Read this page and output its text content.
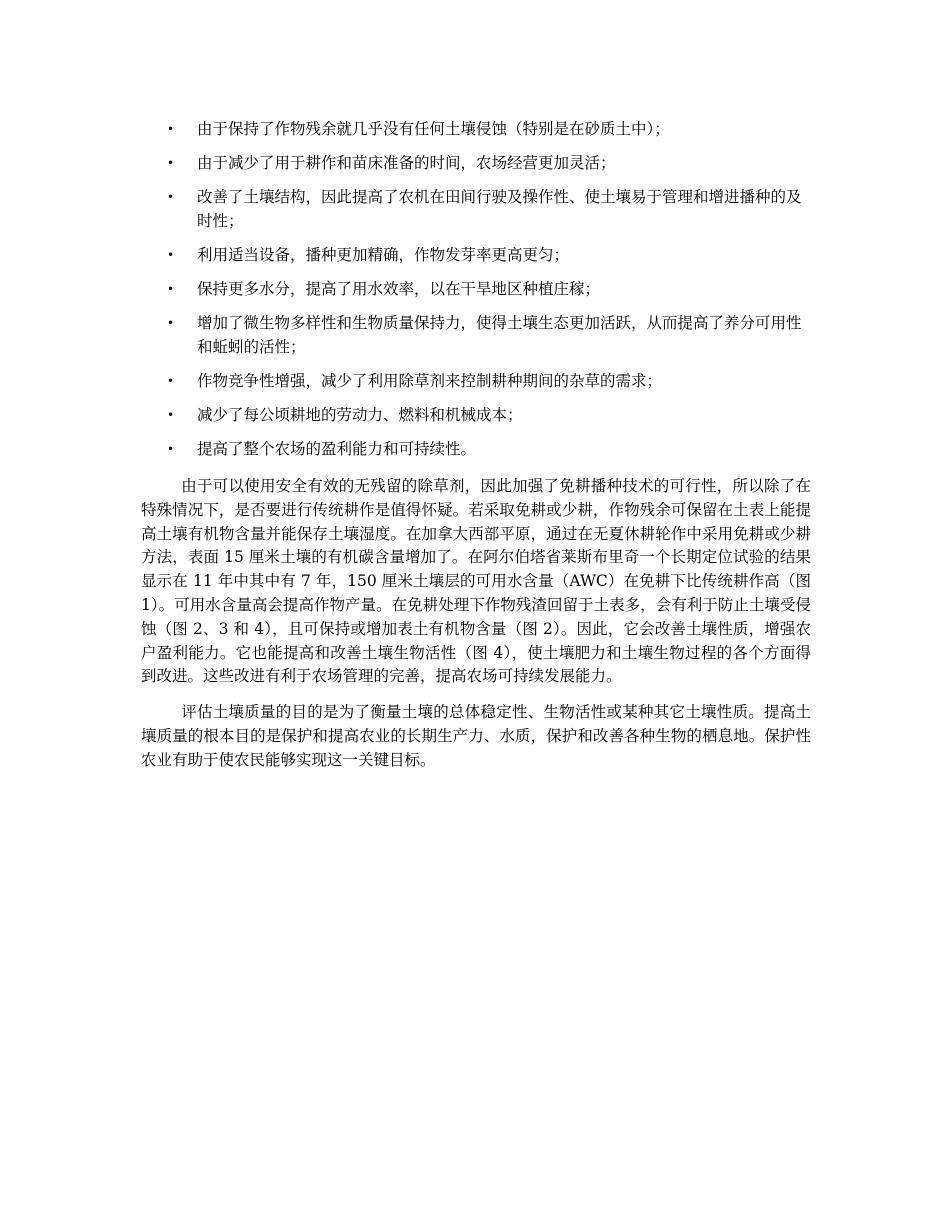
• 由于保持了作物残余就几乎没有任何土壤侵蚀（特别是在砂质土中）；
• 由于减少了用于耕作和苗床准备的时间，农场经营更加灵活；
• 改善了土壤结构，因此提高了农机在田间行驶及操作性、使土壤易于管理和增进播种的及时性；
• 利用适当设备，播种更加精确，作物发芽率更高更匀；
• 保持更多水分，提高了用水效率，以在干旱地区种植庄稼；
• 增加了微生物多样性和生物质量保持力，使得土壤生态更加活跃，从而提高了养分可用性和蚯蚓的活性；
• 作物竞争性增强，减少了利用除草剂来控制耕种期间的杂草的需求；
• 减少了每公顷耕地的劳动力、燃料和机械成本；
• 提高了整个农场的盈利能力和可持续性。

由于可以使用安全有效的无残留的除草剂，因此加强了免耕播种技术的可行性，所以除了在特殊情况下，是否要进行传统耕作是值得怀疑。若采取免耕或少耕，作物残余可保留在土表上能提高土壤有机物含量并能保存土壤湿度。在加拿大西部平原，通过在无夏休耕轮作中采用免耕或少耕方法，表面 15 厘米土壤的有机碳含量增加了。在阿尔伯塔省莱斯布里奇一个长期定位试验的结果显示在 11 年中其中有 7 年，150 厘米土壤层的可用水含量（AWC）在免耕下比传统耕作高（图 1）。可用水含量高会提高作物产量。在免耕处理下作物残渣回留于土表多，会有利于防止土壤受侵蚀（图 2、3 和 4），且可保持或增加表土有机物含量（图 2）。因此，它会改善土壤性质，增强农户盈利能力。它也能提高和改善土壤生物活性（图 4），使土壤肥力和土壤生物过程的各个方面得到改进。这些改进有利于农场管理的完善，提高农场可持续发展能力。

评估土壤质量的目的是为了衡量土壤的总体稳定性、生物活性或某种其它土壤性质。提高土壤质量的根本目的是保护和提高农业的长期生产力、水质，保护和改善各种生物的栖息地。保护性农业有助于使农民能够实现这一关键目标。
